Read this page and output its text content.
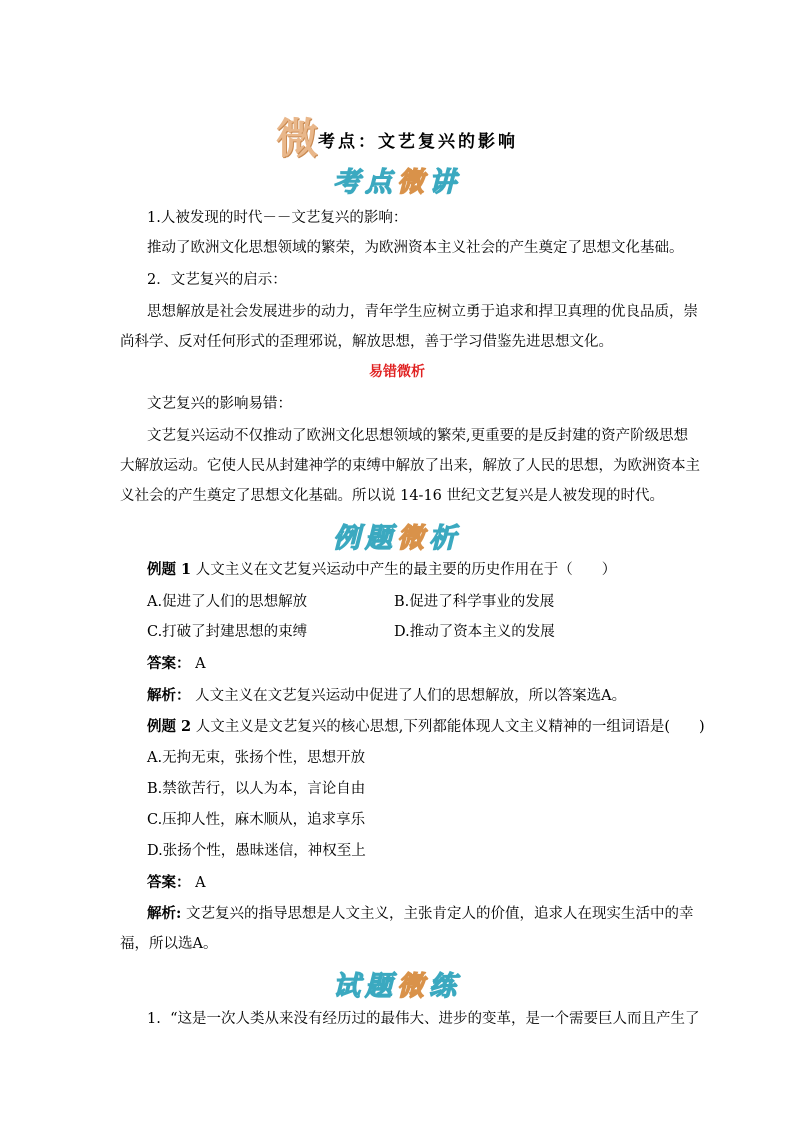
微考点：文艺复兴的影响
考点微讲
1.人被发现的时代－－文艺复兴的影响：
推动了欧洲文化思想领域的繁荣，为欧洲资本主义社会的产生奠定了思想文化基础。
2．文艺复兴的启示：
思想解放是社会发展进步的动力，青年学生应树立勇于追求和捍卫真理的优良品质，崇
尚科学、反对任何形式的歪理邪说，解放思想，善于学习借鉴先进思想文化。
易错微析
文艺复兴的影响易错：
文艺复兴运动不仅推动了欧洲文化思想领域的繁荣,更重要的是反封建的资产阶级思想
大解放运动。它使人民从封建神学的束缚中解放了出来，解放了人民的思想，为欧洲资本主
义社会的产生奠定了思想文化基础。所以说 14-16 世纪文艺复兴是人被发现的时代。
例题微析
例题 1 人文主义在文艺复兴运动中产生的最主要的历史作用在于（　　）
A.促进了人们的思想解放	B.促进了科学事业的发展
C.打破了封建思想的束缚	D.推动了资本主义的发展
答案： A
解析： 人文主义在文艺复兴运动中促进了人们的思想解放，所以答案选A。
例题 2 人文主义是文艺复兴的核心思想,下列都能体现人文主义精神的一组词语是(　　)
A.无拘无束，张扬个性，思想开放
B.禁欲苦行，以人为本，言论自由
C.压抑人性，麻木顺从，追求享乐
D.张扬个性，愚昧迷信，神权至上
答案： A
解析: 文艺复兴的指导思想是人文主义，主张肯定人的价值，追求人在现实生活中的幸
福，所以选A。
试题微练
1. “这是一次人类从来没有经历过的最伟大、进步的变革，是一个需要巨人而且产生了
